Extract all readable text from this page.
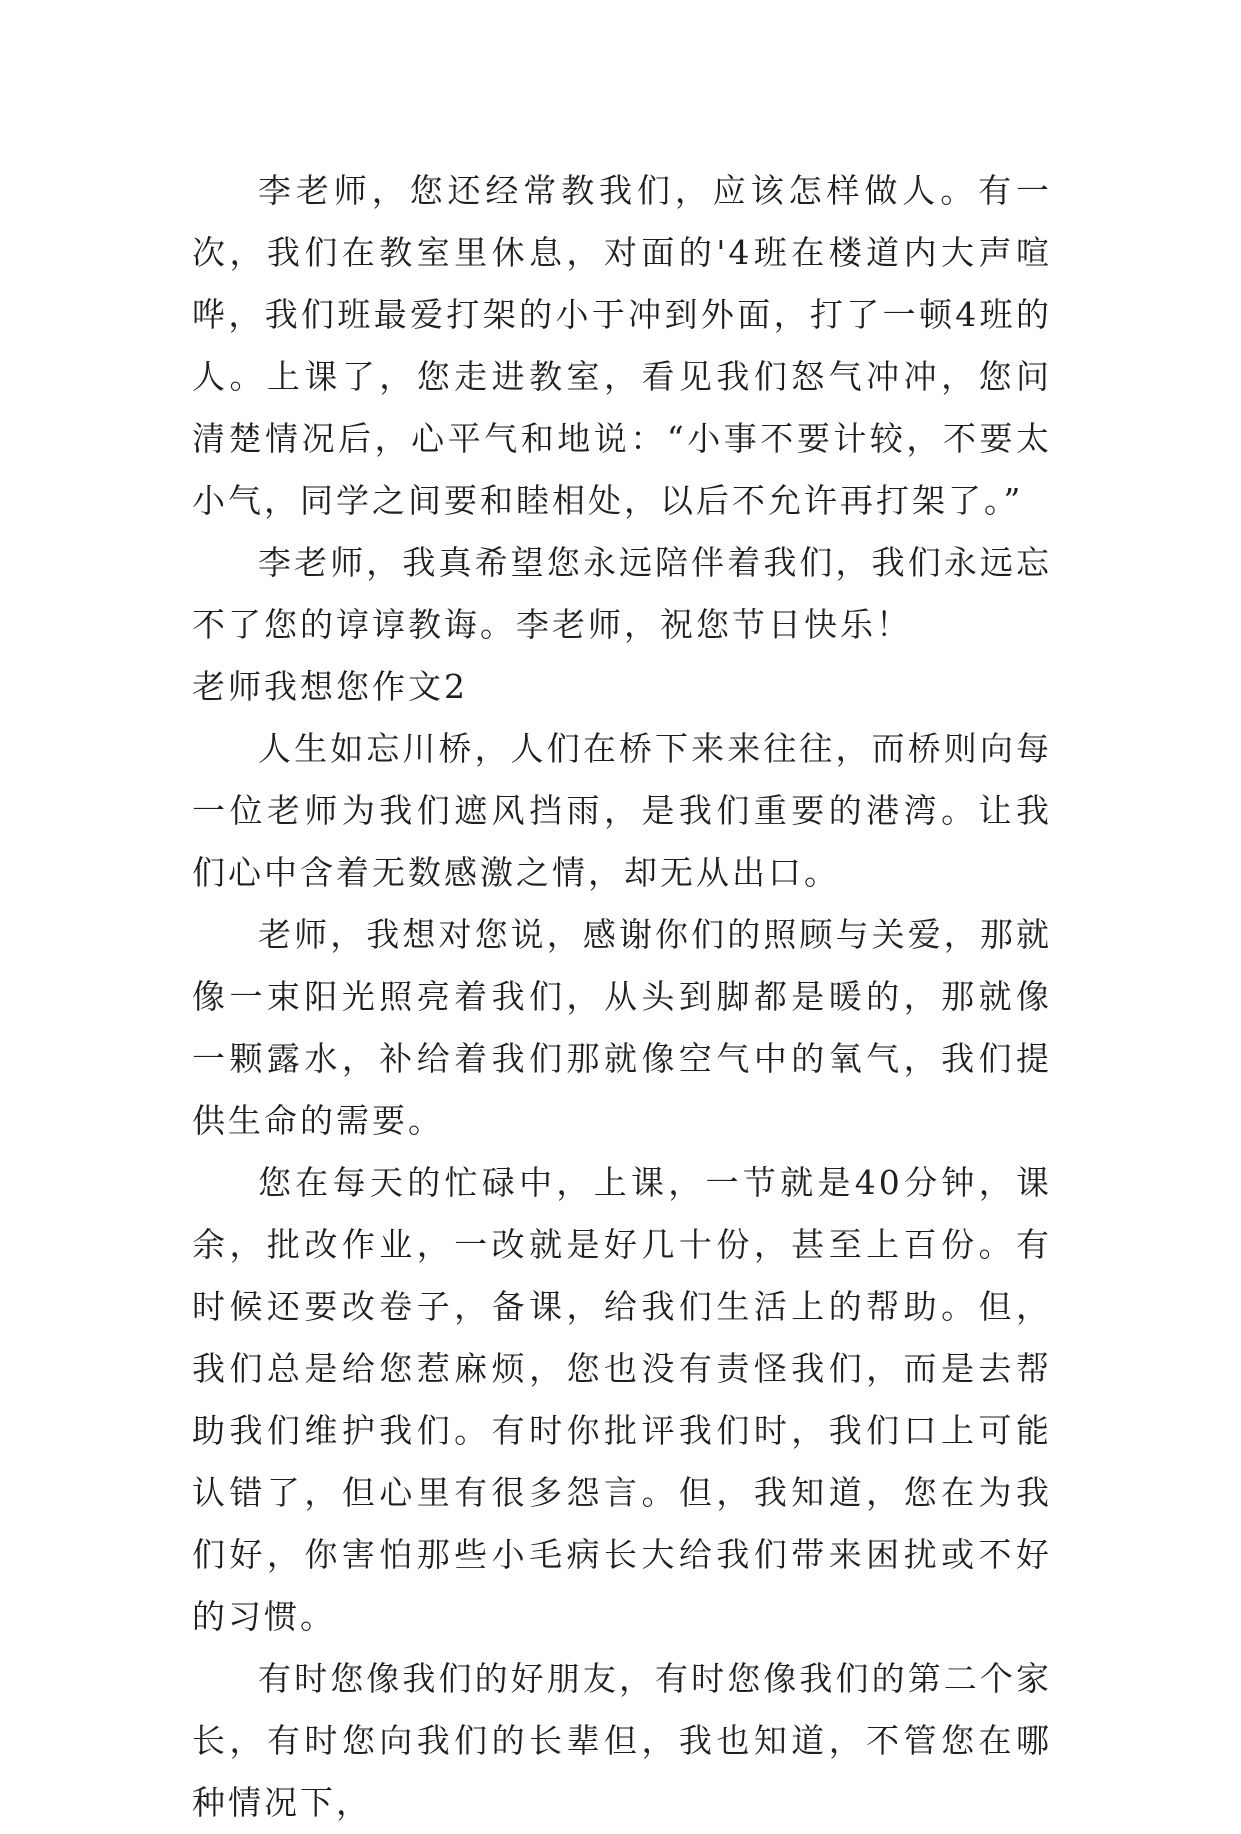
李老师，您还经常教我们，应该怎样做人。有一次，我们在教室里休息，对面的'4班在楼道内大声喧哗，我们班最爱打架的小于冲到外面，打了一顿4班的人。上课了，您走进教室，看见我们怒气冲冲，您问清楚情况后，心平气和地说：“小事不要计较，不要太小气，同学之间要和睦相处，以后不允许再打架了。”

李老师，我真希望您永远陪伴着我们，我们永远忘不了您的谆谆教诲。李老师，祝您节日快乐！

老师我想您作文2

人生如忘川桥，人们在桥下来来往往，而桥则向每一位老师为我们遮风挡雨，是我们重要的港湾。让我们心中含着无数感激之情，却无从出口。

老师，我想对您说，感谢你们的照顾与关爱，那就像一束阳光照亮着我们，从头到脚都是暖的，那就像一颗露水，补给着我们那就像空气中的氧气，我们提供生命的需要。

您在每天的忙碌中，上课，一节就是40分钟，课余，批改作业，一改就是好几十份，甚至上百份。有时候还要改卷子，备课，给我们生活上的帮助。但，我们总是给您惹麻烦，您也没有责怪我们，而是去帮助我们维护我们。有时你批评我们时，我们口上可能认错了，但心里有很多怨言。但，我知道，您在为我们好，你害怕那些小毛病长大给我们带来困扰或不好的习惯。

有时您像我们的好朋友，有时您像我们的第二个家长，有时您向我们的长辈但，我也知道，不管您在哪种情况下，
